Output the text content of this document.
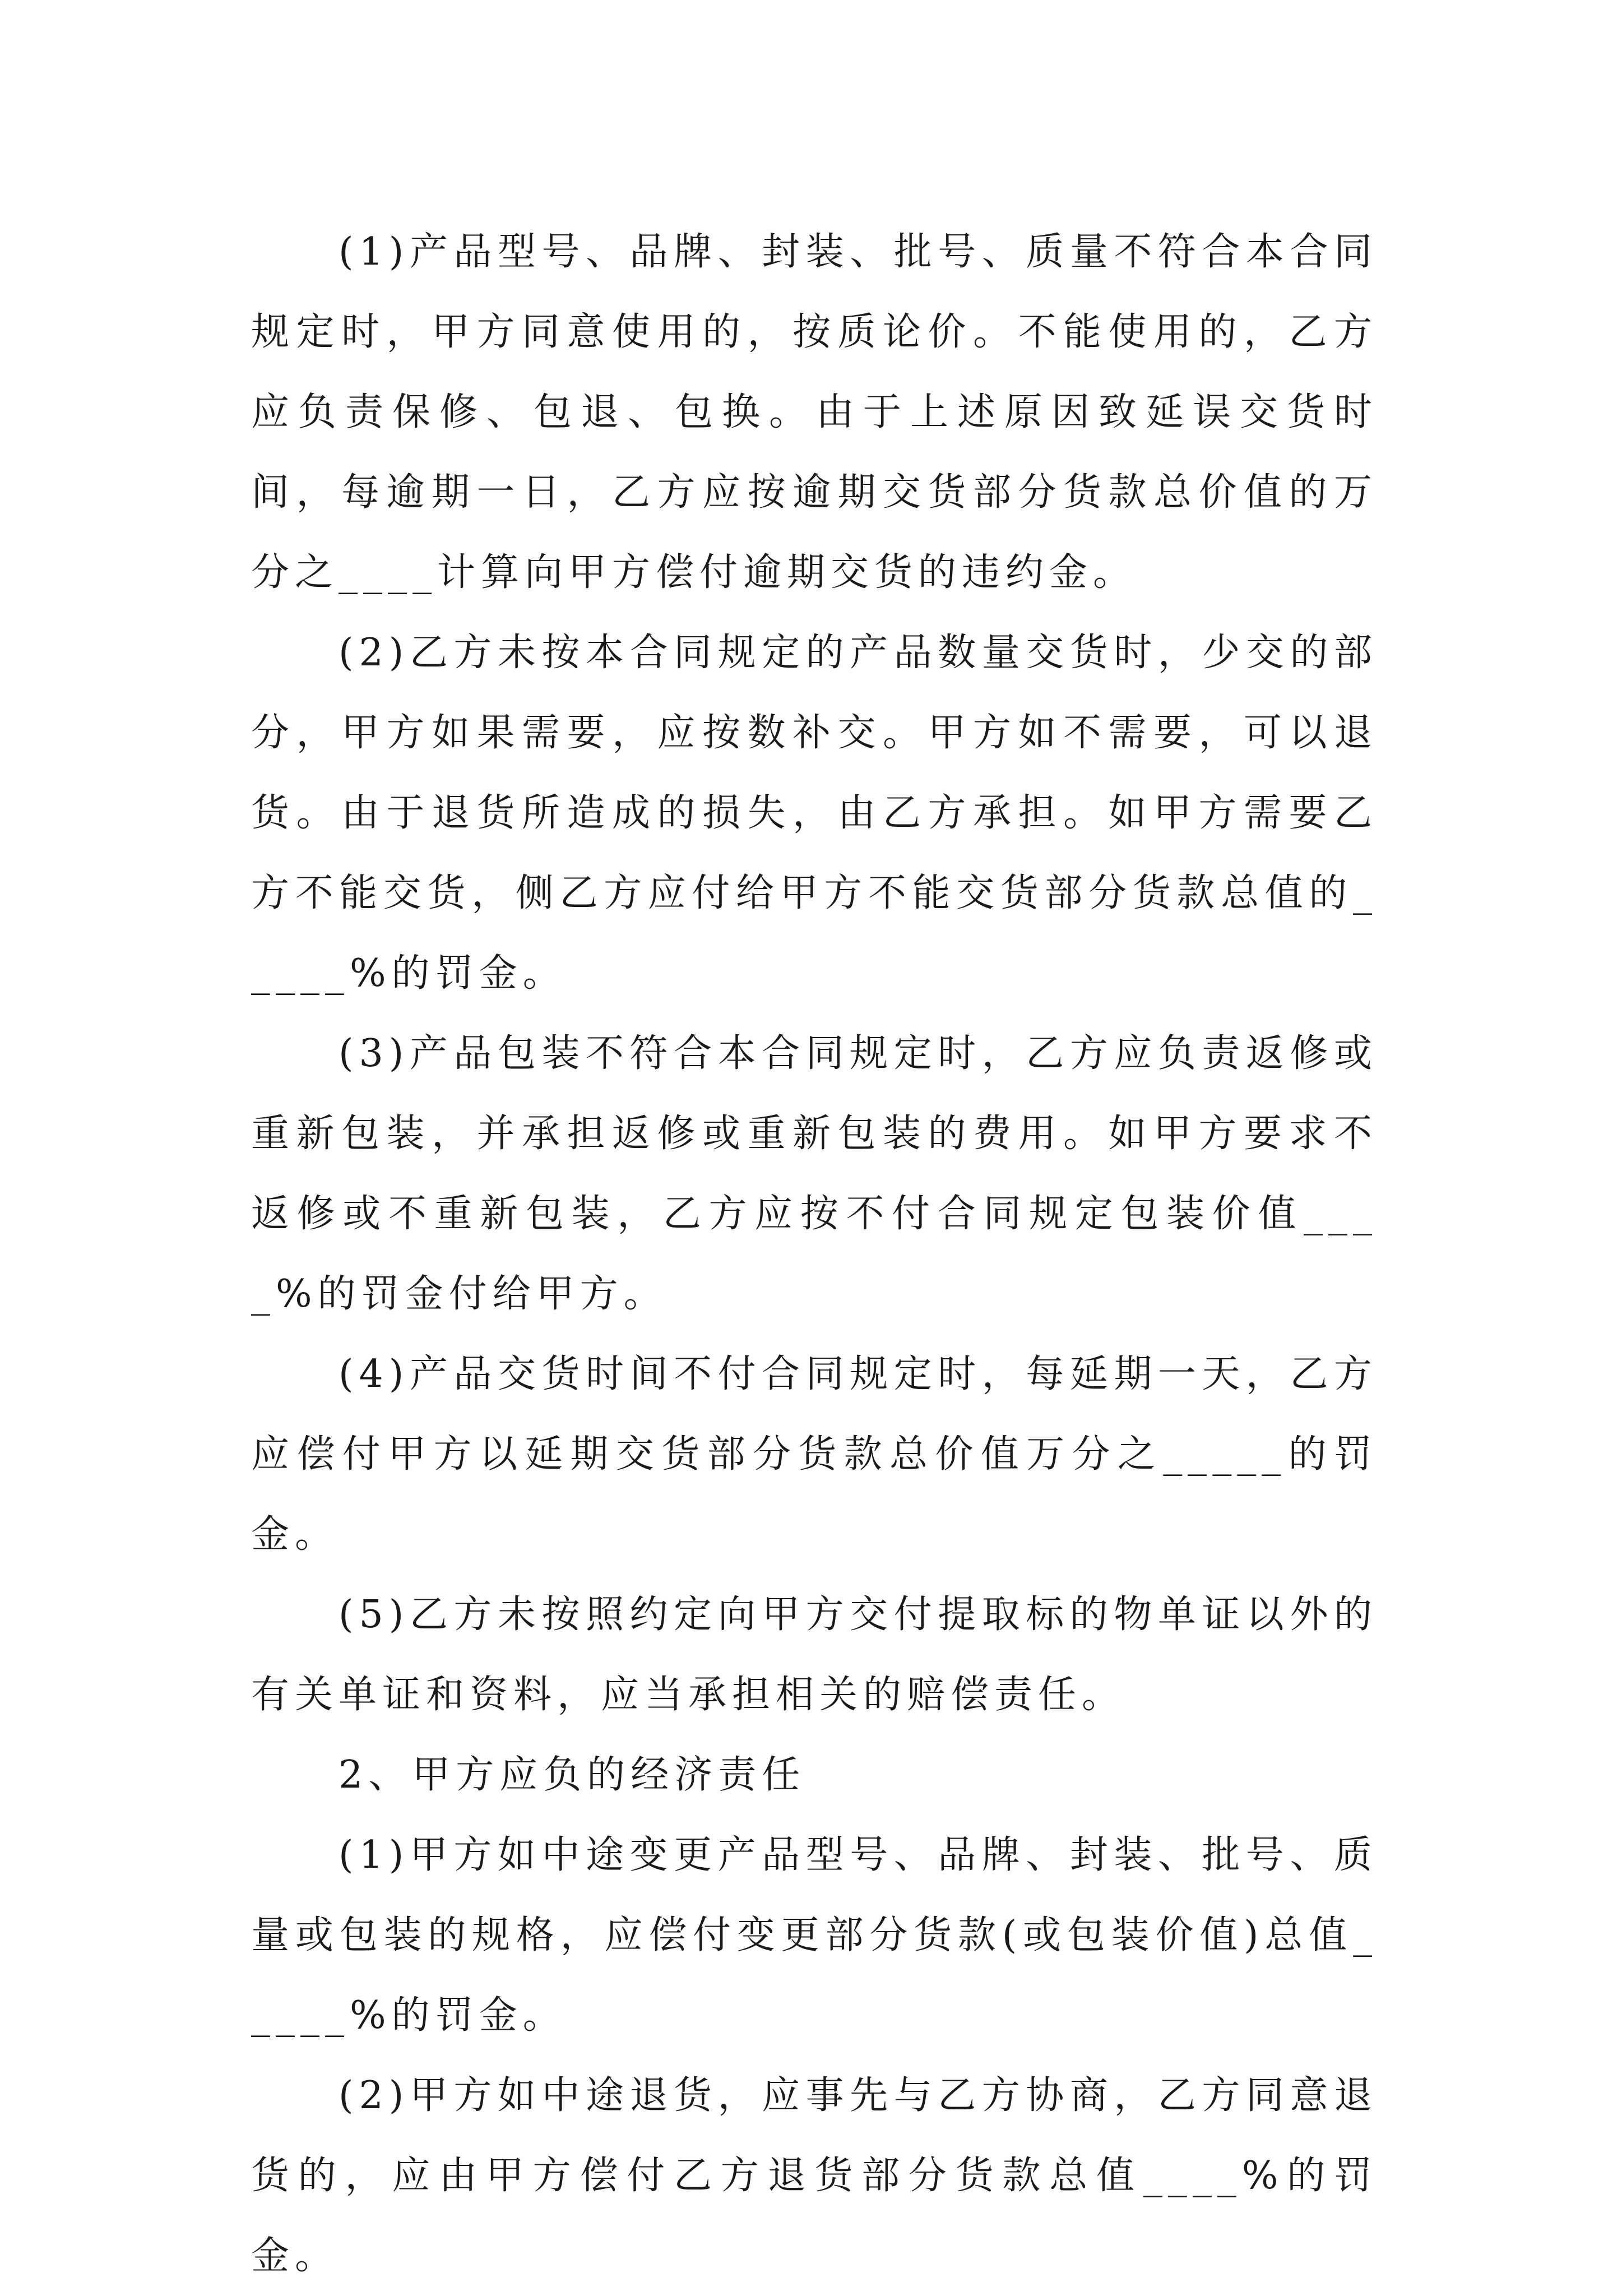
(1)产品型号、品牌、封装、批号、质量不符合本合同规定时，甲方同意使用的，按质论价。不能使用的，乙方应负责保修、包退、包换。由于上述原因致延误交货时间，每逾期一日，乙方应按逾期交货部分货款总价值的万分之____计算向甲方偿付逾期交货的违约金。

(2)乙方未按本合同规定的产品数量交货时，少交的部分，甲方如果需要，应按数补交。甲方如不需要，可以退货。由于退货所造成的损失，由乙方承担。如甲方需要乙方不能交货，侧乙方应付给甲方不能交货部分货款总值的_____%的罚金。

(3)产品包装不符合本合同规定时，乙方应负责返修或重新包装，并承担返修或重新包装的费用。如甲方要求不返修或不重新包装，乙方应按不付合同规定包装价值____%的罚金付给甲方。

(4)产品交货时间不付合同规定时，每延期一天，乙方应偿付甲方以延期交货部分货款总价值万分之_____的罚金。

(5)乙方未按照约定向甲方交付提取标的物单证以外的有关单证和资料，应当承担相关的赔偿责任。

2、甲方应负的经济责任

(1)甲方如中途变更产品型号、品牌、封装、批号、质量或包装的规格，应偿付变更部分货款(或包装价值)总值_____%的罚金。

(2)甲方如中途退货，应事先与乙方协商，乙方同意退货的，应由甲方偿付乙方退货部分货款总值____%的罚金。
